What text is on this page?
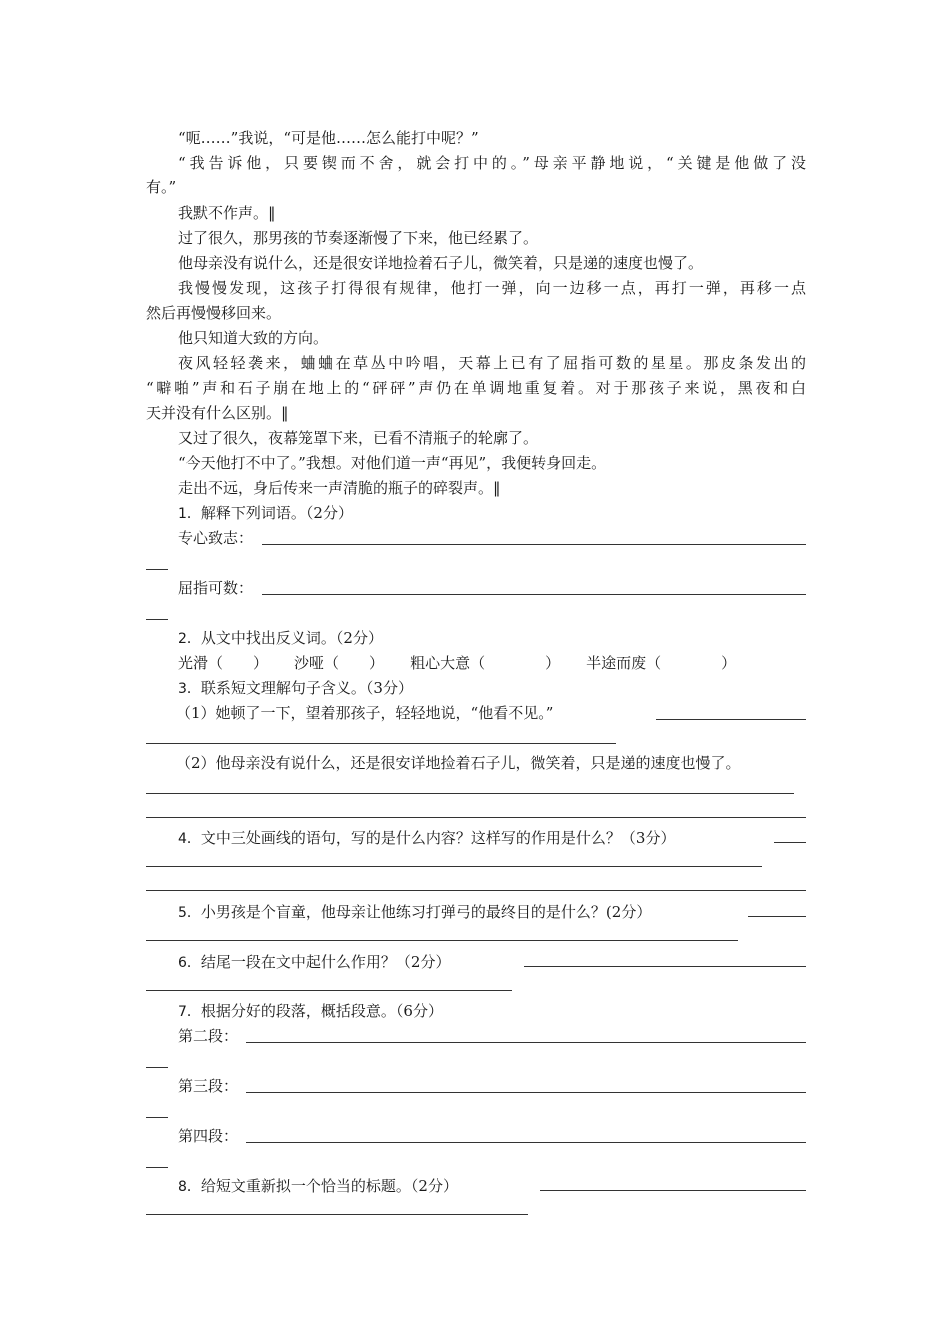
“呃……”我说，“可是他……怎么能打中呢？”
“我告诉他，只要锲而不舍，就会打中的。”母亲平静地说，“关键是他做了没
有。”
我默不作声。‖
过了很久，那男孩的节奏逐渐慢了下来，他已经累了。
他母亲没有说什么，还是很安详地捡着石子儿，微笑着，只是递的速度也慢了。
我慢慢发现，这孩子打得很有规律，他打一弹，向一边移一点，再打一弹，再移一点
然后再慢慢移回来。
他只知道大致的方向。
夜风轻轻袭来，蛐蛐在草丛中吟唱，天幕上已有了屈指可数的星星。那皮条发出的
“噼啪”声和石子崩在地上的“砰砰”声仍在单调地重复着。对于那孩子来说，黑夜和白
天并没有什么区别。‖
又过了很久，夜幕笼罩下来，已看不清瓶子的轮廓了。
“今天他打不中了。”我想。对他们道一声“再见”，我便转身回走。
走出不远，身后传来一声清脆的瓶子的碎裂声。‖
1．解释下列词语。（2分）
专心致志：
屈指可数：
2．从文中找出反义词。（2分）
光滑（ ） 沙哑（ ） 粗心大意（	） 半途而废（	）
3．联系短文理解句子含义。（3分）
（1）她顿了一下，望着那孩子，轻轻地说，“他看不见。”
（2）他母亲没有说什么，还是很安详地捡着石子儿，微笑着，只是递的速度也慢了。
4．文中三处画线的语句，写的是什么内容？这样写的作用是什么？（3分）
5．小男孩是个盲童，他母亲让他练习打弹弓的最终目的是什么？(2分）
6．结尾一段在文中起什么作用？（2分）
7．根据分好的段落，概括段意。（6分）
第二段：
第三段：
第四段：
8．给短文重新拟一个恰当的标题。（2分）
